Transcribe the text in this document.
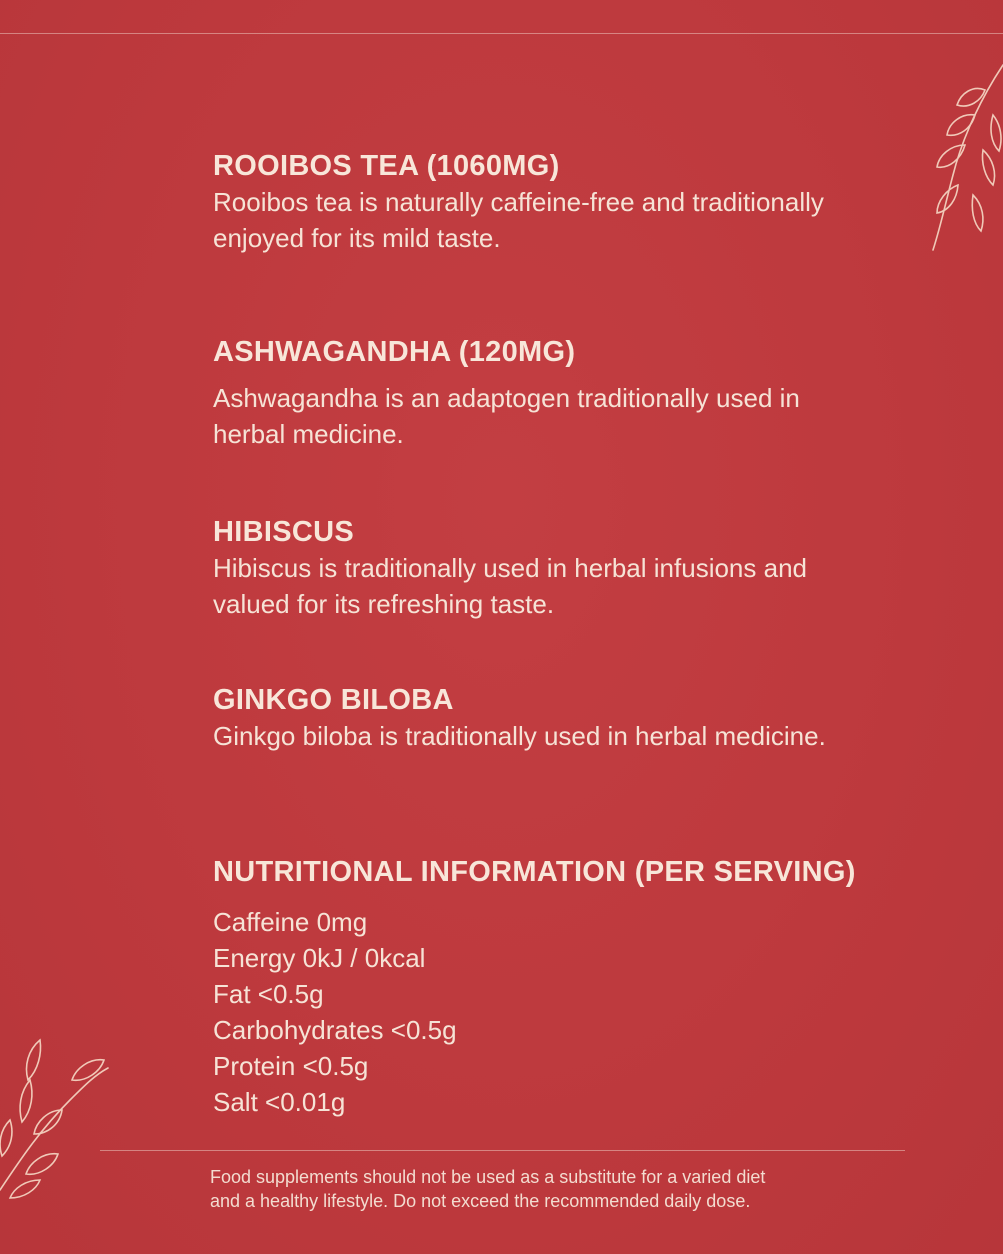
ROOIBOS TEA (1060MG)

Rooibos tea is naturally caffeine-free and traditionally enjoyed for its mild taste.

ASHWAGANDHA (120MG)

Ashwagandha is an adaptogen traditionally used in herbal medicine.

HIBISCUS

Hibiscus is traditionally used in herbal infusions and valued for its refreshing taste.

GINKGO BILOBA

Ginkgo biloba is traditionally used in herbal medicine.

NUTRITIONAL INFORMATION (PER SERVING)
Caffeine 0mg
Energy 0kJ / 0kcal
Fat <0.5g
Carbohydrates <0.5g
Protein <0.5g
Salt <0.01g
Food supplements should not be used as a substitute for a varied diet
and a healthy lifestyle. Do not exceed the recommended daily dose.
